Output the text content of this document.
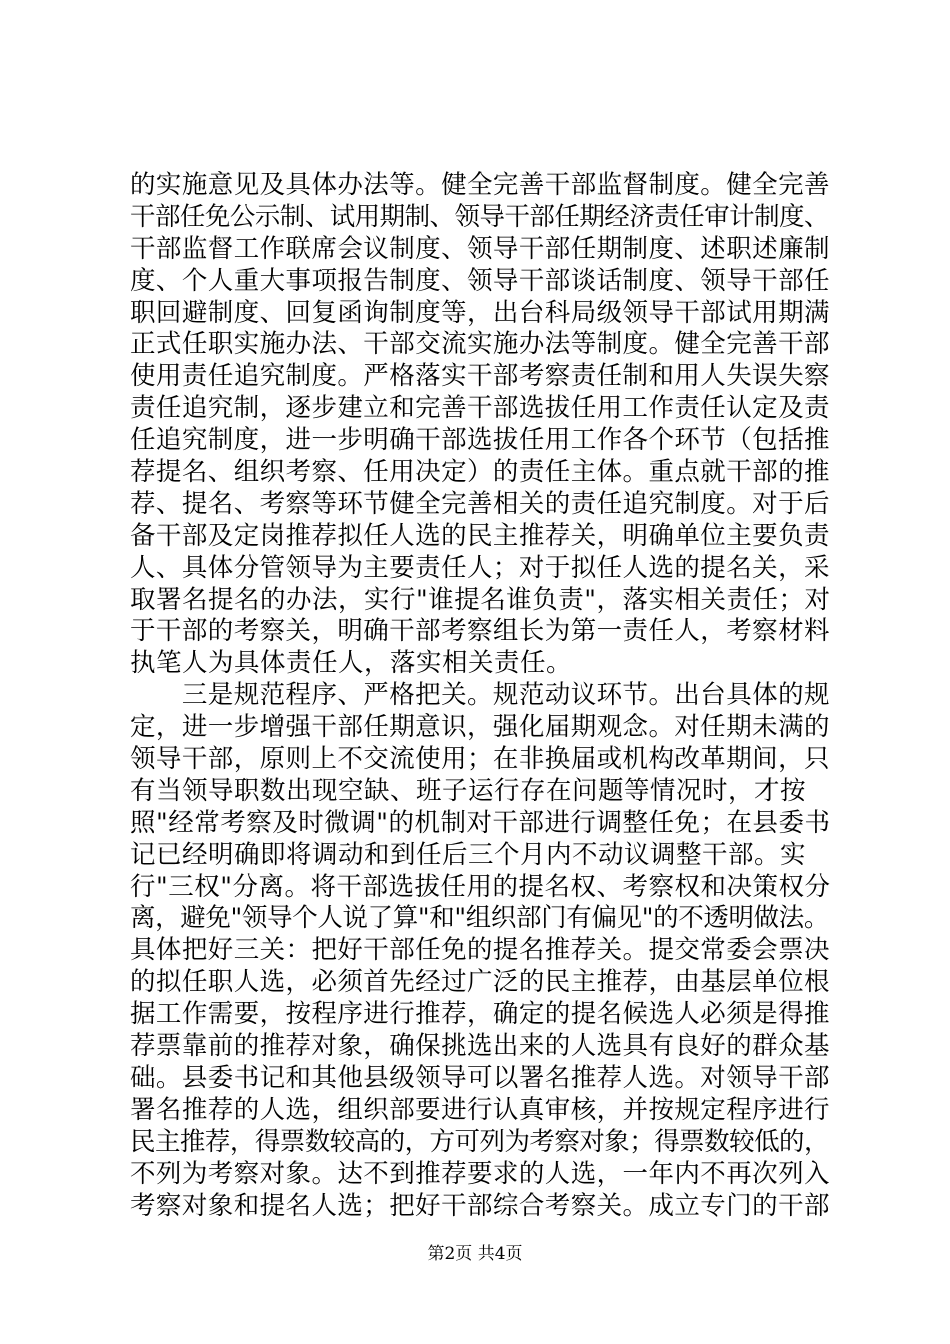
的实施意见及具体办法等。健全完善干部监督制度。健全完善
干部任免公示制、试用期制、领导干部任期经济责任审计制度、
干部监督工作联席会议制度、领导干部任期制度、述职述廉制
度、个人重大事项报告制度、领导干部谈话制度、领导干部任
职回避制度、回复函询制度等，出台科局级领导干部试用期满
正式任职实施办法、干部交流实施办法等制度。健全完善干部
使用责任追究制度。严格落实干部考察责任制和用人失误失察
责任追究制，逐步建立和完善干部选拔任用工作责任认定及责
任追究制度，进一步明确干部选拔任用工作各个环节（包括推
荐提名、组织考察、任用决定）的责任主体。重点就干部的推
荐、提名、考察等环节健全完善相关的责任追究制度。对于后
备干部及定岗推荐拟任人选的民主推荐关，明确单位主要负责
人、具体分管领导为主要责任人；对于拟任人选的提名关，采
取署名提名的办法，实行"谁提名谁负责"，落实相关责任；对
于干部的考察关，明确干部考察组长为第一责任人，考察材料
执笔人为具体责任人，落实相关责任。
　　三是规范程序、严格把关。规范动议环节。出台具体的规
定，进一步增强干部任期意识，强化届期观念。对任期未满的
领导干部，原则上不交流使用；在非换届或机构改革期间，只
有当领导职数出现空缺、班子运行存在问题等情况时，才按
照"经常考察及时微调"的机制对干部进行调整任免；在县委书
记已经明确即将调动和到任后三个月内不动议调整干部。实
行"三权"分离。将干部选拔任用的提名权、考察权和决策权分
离，避免"领导个人说了算"和"组织部门有偏见"的不透明做法。
具体把好三关：把好干部任免的提名推荐关。提交常委会票决
的拟任职人选，必须首先经过广泛的民主推荐，由基层单位根
据工作需要，按程序进行推荐，确定的提名候选人必须是得推
荐票靠前的推荐对象，确保挑选出来的人选具有良好的群众基
础。县委书记和其他县级领导可以署名推荐人选。对领导干部
署名推荐的人选，组织部要进行认真审核，并按规定程序进行
民主推荐，得票数较高的，方可列为考察对象；得票数较低的，
不列为考察对象。达不到推荐要求的人选，一年内不再次列入
考察对象和提名人选；把好干部综合考察关。成立专门的干部
第2页 共4页
